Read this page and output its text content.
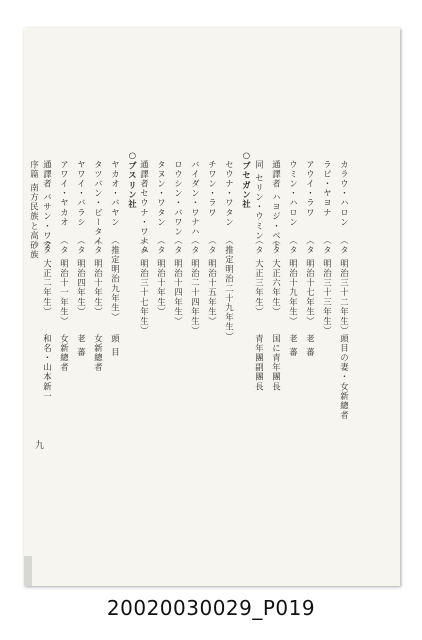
カラウ・ハロン
（タ 明治三十二年生）
頭目の妻・女新總者
ラピ・ヤヨナ
（タ 明治三十三年生）
アウイ・ラワ
（タ 明治十七年生）
老 蕃
ウミン・ハロン
（タ 明治十九年生）
老 蕃
通譯者 ハヨジ・ベト
（タ 大正六年生）
国に青年團長
同 セリン・ウミン
（タ 大正三年生）
青年團副團長
○ブセガン社
セウナ・ワタン
（推定明治二十九年生）
チワン・ラワ
（タ 明治十五年生）
バイダン・ワナハ
（タ 明治二十四年生）
ロウシン・バワン
（タ 明治十四年生）
タヌン・ワタン
（タ 明治十年生）
通譯者セウナ・ワナハ
（タ 明治三十七年生）
○ブスリン社
ヤカオ・バヤン
（推定明治九年生）
頭 目
タツバン・ビータイ
（タ 明治十年生）
女新總者
ヤワイ・バラシ
（タ 明治四年生）
老 蕃
アワイ・ヤカオ
（タ 明治十一年生）
女新總者
通譯者 バサン・ワタ
（タ 大正二年生）
和名・山本新一
序篇 南方民族と高砂族
九
20020030029_P019
